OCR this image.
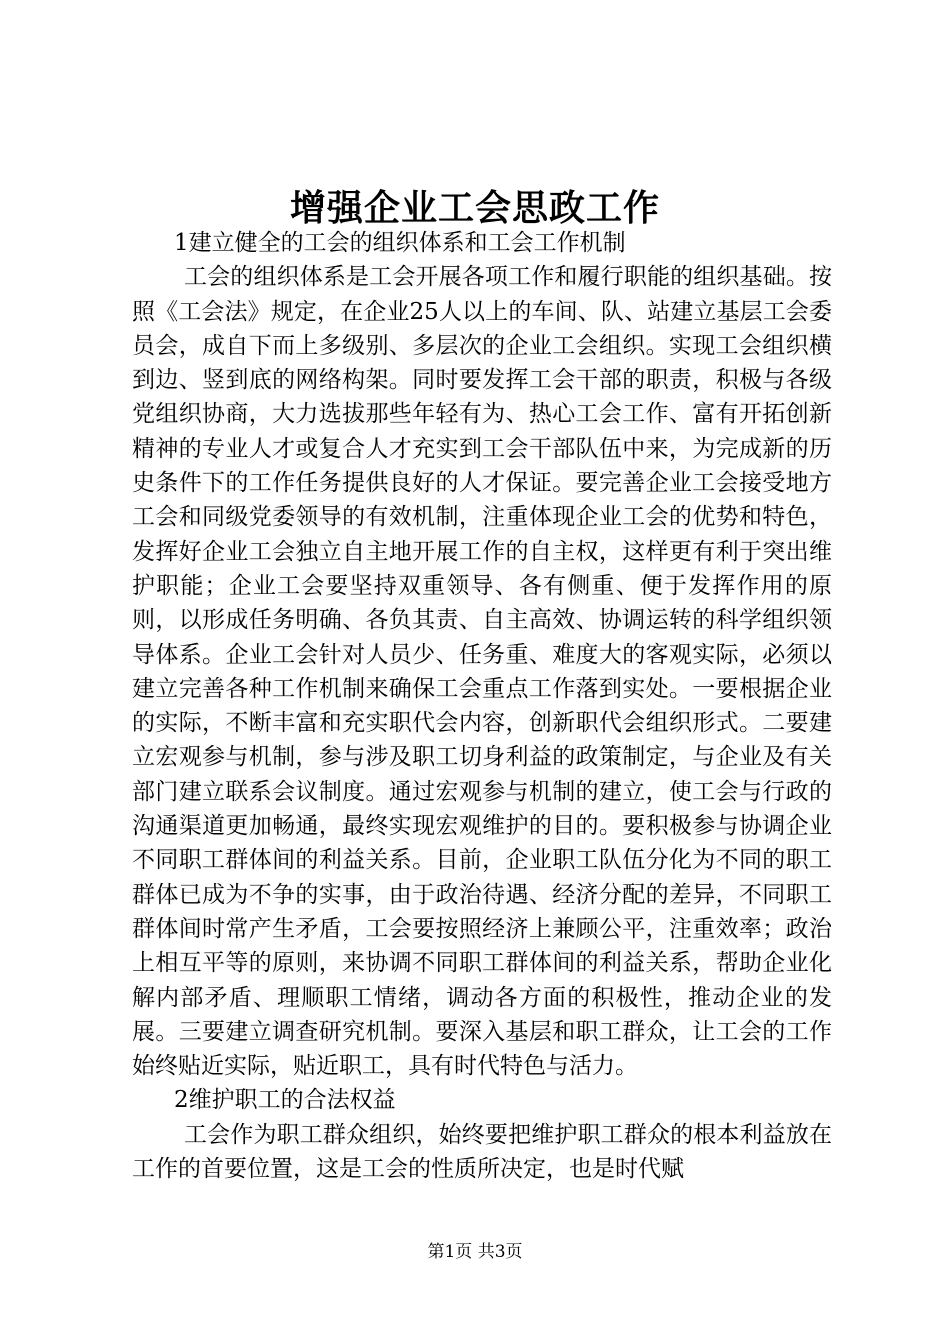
增强企业工会思政工作

1建立健全的工会的组织体系和工会工作机制

工会的组织体系是工会开展各项工作和履行职能的组织基础。按照《工会法》规定，在企业25人以上的车间、队、站建立基层工会委员会，成自下而上多级别、多层次的企业工会组织。实现工会组织横到边、竖到底的网络构架。同时要发挥工会干部的职责，积极与各级党组织协商，大力选拔那些年轻有为、热心工会工作、富有开拓创新精神的专业人才或复合人才充实到工会干部队伍中来，为完成新的历史条件下的工作任务提供良好的人才保证。要完善企业工会接受地方工会和同级党委领导的有效机制，注重体现企业工会的优势和特色，发挥好企业工会独立自主地开展工作的自主权，这样更有利于突出维护职能；企业工会要坚持双重领导、各有侧重、便于发挥作用的原则，以形成任务明确、各负其责、自主高效、协调运转的科学组织领导体系。企业工会针对人员少、任务重、难度大的客观实际，必须以建立完善各种工作机制来确保工会重点工作落到实处。一要根据企业的实际，不断丰富和充实职代会内容，创新职代会组织形式。二要建立宏观参与机制，参与涉及职工切身利益的政策制定，与企业及有关部门建立联系会议制度。通过宏观参与机制的建立，使工会与行政的沟通渠道更加畅通，最终实现宏观维护的目的。要积极参与协调企业不同职工群体间的利益关系。目前，企业职工队伍分化为不同的职工群体已成为不争的实事，由于政治待遇、经济分配的差异，不同职工群体间时常产生矛盾，工会要按照经济上兼顾公平，注重效率；政治上相互平等的原则，来协调不同职工群体间的利益关系，帮助企业化解内部矛盾、理顺职工情绪，调动各方面的积极性，推动企业的发展。三要建立调查研究机制。要深入基层和职工群众，让工会的工作始终贴近实际，贴近职工，具有时代特色与活力。

2维护职工的合法权益

工会作为职工群众组织，始终要把维护职工群众的根本利益放在工作的首要位置，这是工会的性质所决定，也是时代赋

第1页 共3页
